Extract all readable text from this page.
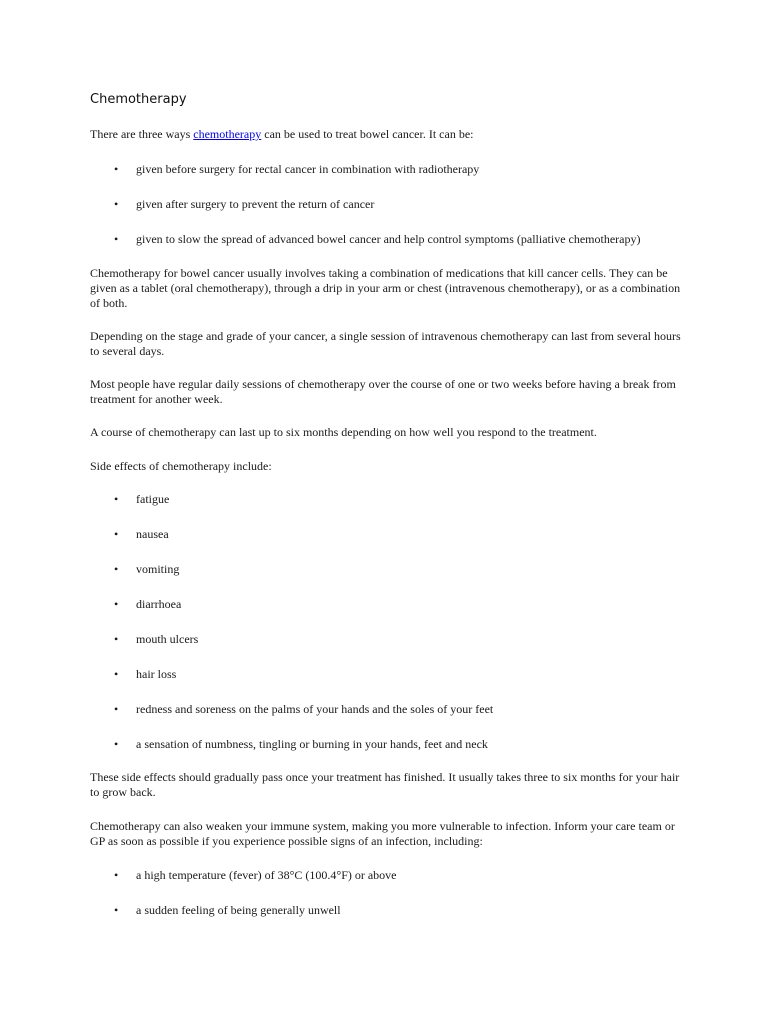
Chemotherapy

There are three ways chemotherapy can be used to treat bowel cancer. It can be:

• given before surgery for rectal cancer in combination with radiotherapy

• given after surgery to prevent the return of cancer

• given to slow the spread of advanced bowel cancer and help control symptoms (palliative chemotherapy)

Chemotherapy for bowel cancer usually involves taking a combination of medications that kill cancer cells. They can be given as a tablet (oral chemotherapy), through a drip in your arm or chest (intravenous chemotherapy), or as a combination of both.

Depending on the stage and grade of your cancer, a single session of intravenous chemotherapy can last from several hours to several days.

Most people have regular daily sessions of chemotherapy over the course of one or two weeks before having a break from treatment for another week.

A course of chemotherapy can last up to six months depending on how well you respond to the treatment.

Side effects of chemotherapy include:

• fatigue

• nausea

• vomiting

• diarrhoea

• mouth ulcers

• hair loss

• redness and soreness on the palms of your hands and the soles of your feet

• a sensation of numbness, tingling or burning in your hands, feet and neck

These side effects should gradually pass once your treatment has finished. It usually takes three to six months for your hair to grow back.

Chemotherapy can also weaken your immune system, making you more vulnerable to infection. Inform your care team or GP as soon as possible if you experience possible signs of an infection, including:

• a high temperature (fever) of 38°C (100.4°F) or above

• a sudden feeling of being generally unwell
